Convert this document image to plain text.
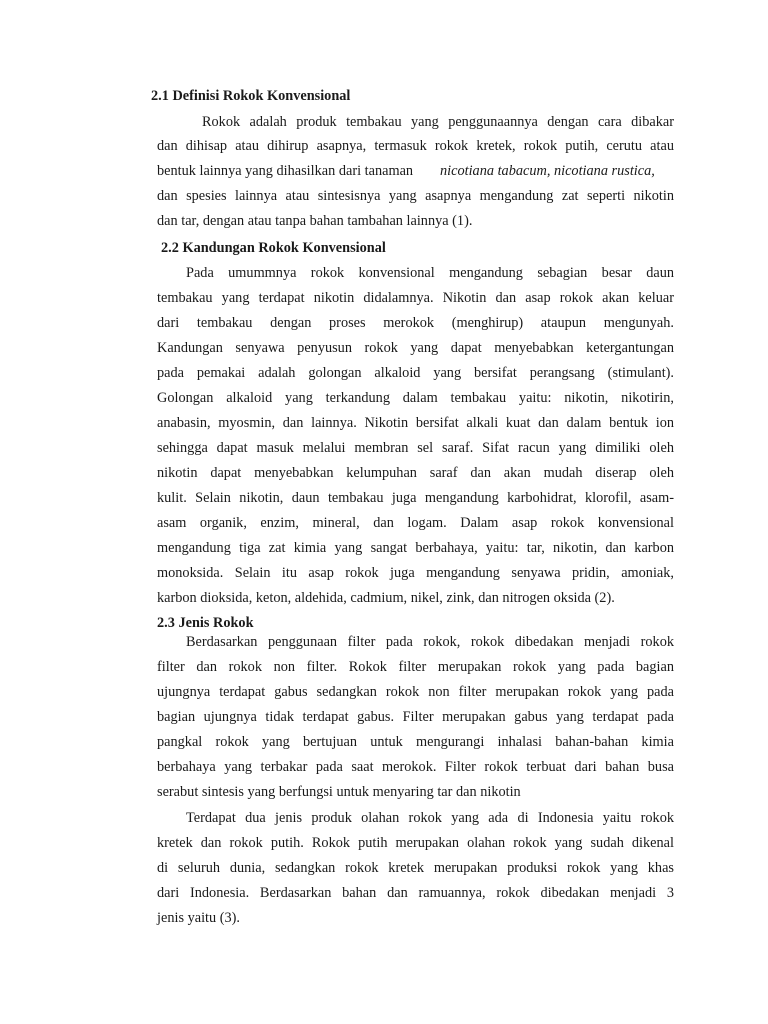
2.1 Definisi Rokok Konvensional
Rokok adalah produk tembakau yang penggunaannya dengan cara dibakar
dan dihisap atau dihirup asapnya, termasuk rokok kretek, rokok putih, cerutu atau
bentuk lainnya yang dihasilkan dari tanaman nicotiana tabacum, nicotiana rustica,
dan spesies lainnya atau sintesisnya yang asapnya mengandung zat seperti nikotin
dan tar, dengan atau tanpa bahan tambahan lainnya (1).
2.2 Kandungan Rokok Konvensional
Pada umummnya rokok konvensional mengandung sebagian besar daun
tembakau yang terdapat nikotin didalamnya. Nikotin dan asap rokok akan keluar
dari tembakau dengan proses merokok (menghirup) ataupun mengunyah.
Kandungan senyawa penyusun rokok yang dapat menyebabkan ketergantungan
pada pemakai adalah golongan alkaloid yang bersifat perangsang (stimulant).
Golongan alkaloid yang terkandung dalam tembakau yaitu: nikotin, nikotirin,
anabasin, myosmin, dan lainnya. Nikotin bersifat alkali kuat dan dalam bentuk ion
sehingga dapat masuk melalui membran sel saraf. Sifat racun yang dimiliki oleh
nikotin dapat menyebabkan kelumpuhan saraf dan akan mudah diserap oleh
kulit. Selain nikotin, daun tembakau juga mengandung karbohidrat, klorofil, asam-
asam organik, enzim, mineral, dan logam. Dalam asap rokok konvensional
mengandung tiga zat kimia yang sangat berbahaya, yaitu: tar, nikotin, dan karbon
monoksida. Selain itu asap rokok juga mengandung senyawa pridin, amoniak,
karbon dioksida, keton, aldehida, cadmium, nikel, zink, dan nitrogen oksida (2).
2.3 Jenis Rokok
Berdasarkan penggunaan filter pada rokok, rokok dibedakan menjadi rokok
filter dan rokok non filter. Rokok filter merupakan rokok yang pada bagian
ujungnya terdapat gabus sedangkan rokok non filter merupakan rokok yang pada
bagian ujungnya tidak terdapat gabus. Filter merupakan gabus yang terdapat pada
pangkal rokok yang bertujuan untuk mengurangi inhalasi bahan-bahan kimia
berbahaya yang terbakar pada saat merokok. Filter rokok terbuat dari bahan busa
serabut sintesis yang berfungsi untuk menyaring tar dan nikotin
Terdapat dua jenis produk olahan rokok yang ada di Indonesia yaitu rokok
kretek dan rokok putih. Rokok putih merupakan olahan rokok yang sudah dikenal
di seluruh dunia, sedangkan rokok kretek merupakan produksi rokok yang khas
dari Indonesia. Berdasarkan bahan dan ramuannya, rokok dibedakan menjadi 3
jenis yaitu (3).
